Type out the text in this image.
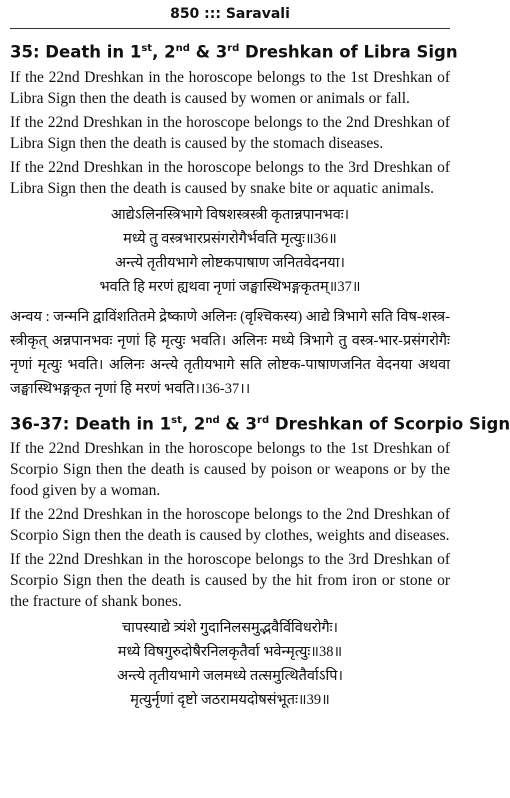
850 ::: Saravali
35: Death in 1st, 2nd & 3rd Dreshkan of Libra Sign

If the 22nd Dreshkan in the horoscope belongs to the 1st Dreshkan of Libra Sign then the death is caused by women or animals or fall.

If the 22nd Dreshkan in the horoscope belongs to the 2nd Dreshkan of Libra Sign then the death is caused by the stomach diseases.

If the 22nd Dreshkan in the horoscope belongs to the 3rd Dreshkan of Libra Sign then the death is caused by snake bite or aquatic animals.

आद्येऽलिनस्त्रिभागे विषशस्त्रस्त्री कृतान्नपानभवः।
मध्ये तु वस्त्रभारप्रसंगरोगैर्भवति मृत्युः॥36॥
अन्त्ये तृतीयभागे लोष्टकपाषाण जनितवेदनया।
भवति हि मरणं ह्यथवा नृणां जङ्घास्थिभङ्गकृतम्॥37॥

अन्वय : जन्मनि द्वाविंशतितमे द्रेष्काणे अलिनः (वृश्चिकस्य) आद्ये त्रिभागे सति विष-शस्त्र-स्त्रीकृत् अन्नपानभवः नृणां हि मृत्युः भवति। अलिनः मध्ये त्रिभागे तु वस्त्र-भार-प्रसंगरोगैः नृणां मृत्युः भवति। अलिनः अन्त्ये तृतीयभागे सति लोष्टक-पाषाणजनित वेदनया अथवा जङ्घास्थिभङ्गकृत नृणां हि मरणं भवति।।36-37।।

36-37: Death in 1st, 2nd & 3rd Dreshkan of Scorpio Sign

If the 22nd Dreshkan in the horoscope belongs to the 1st Dreshkan of Scorpio Sign then the death is caused by poison or weapons or by the food given by a woman.

If the 22nd Dreshkan in the horoscope belongs to the 2nd Dreshkan of Scorpio Sign then the death is caused by clothes, weights and diseases.

If the 22nd Dreshkan in the horoscope belongs to the 3rd Dreshkan of Scorpio Sign then the death is caused by the hit from iron or stone or the fracture of shank bones.

चापस्याद्ये त्र्यंशे गुदानिलसमुद्भवैर्विविधरोगैः।
मध्ये विषगुरुदोषैरनिलकृतैर्वा भवेन्मृत्युः॥38॥
अन्त्ये तृतीयभागे जलमध्ये तत्समुत्थितैर्वाऽपि।
मृत्युर्नृणां दृष्टो जठरामयदोषसंभूतः॥39॥
